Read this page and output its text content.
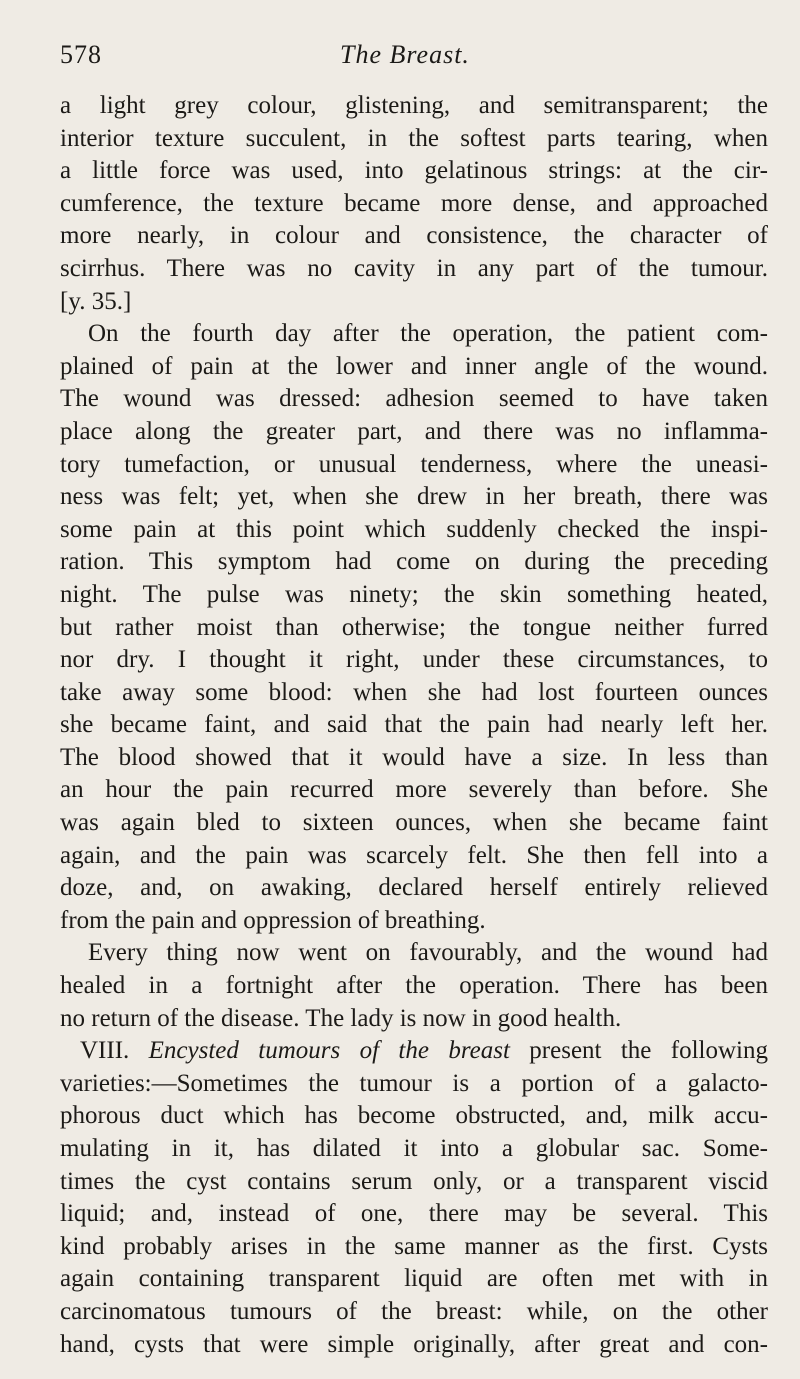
578	The Breast.
a light grey colour, glistening, and semitransparent; the
interior texture succulent, in the softest parts tearing, when
a little force was used, into gelatinous strings: at the cir-
cumference, the texture became more dense, and approached
more nearly, in colour and consistence, the character of
scirrhus. There was no cavity in any part of the tumour.
[y. 35.]
On the fourth day after the operation, the patient com-
plained of pain at the lower and inner angle of the wound.
The wound was dressed: adhesion seemed to have taken
place along the greater part, and there was no inflamma-
tory tumefaction, or unusual tenderness, where the uneasi-
ness was felt; yet, when she drew in her breath, there was
some pain at this point which suddenly checked the inspi-
ration. This symptom had come on during the preceding
night. The pulse was ninety; the skin something heated,
but rather moist than otherwise; the tongue neither furred
nor dry. I thought it right, under these circumstances, to
take away some blood: when she had lost fourteen ounces
she became faint, and said that the pain had nearly left her.
The blood showed that it would have a size. In less than
an hour the pain recurred more severely than before. She
was again bled to sixteen ounces, when she became faint
again, and the pain was scarcely felt. She then fell into a
doze, and, on awaking, declared herself entirely relieved
from the pain and oppression of breathing.
Every thing now went on favourably, and the wound had
healed in a fortnight after the operation. There has been
no return of the disease. The lady is now in good health.
VIII. Encysted tumours of the breast present the following
varieties:—Sometimes the tumour is a portion of a galacto-
phorous duct which has become obstructed, and, milk accu-
mulating in it, has dilated it into a globular sac. Some-
times the cyst contains serum only, or a transparent viscid
liquid; and, instead of one, there may be several. This
kind probably arises in the same manner as the first. Cysts
again containing transparent liquid are often met with in
carcinomatous tumours of the breast: while, on the other
hand, cysts that were simple originally, after great and con-
